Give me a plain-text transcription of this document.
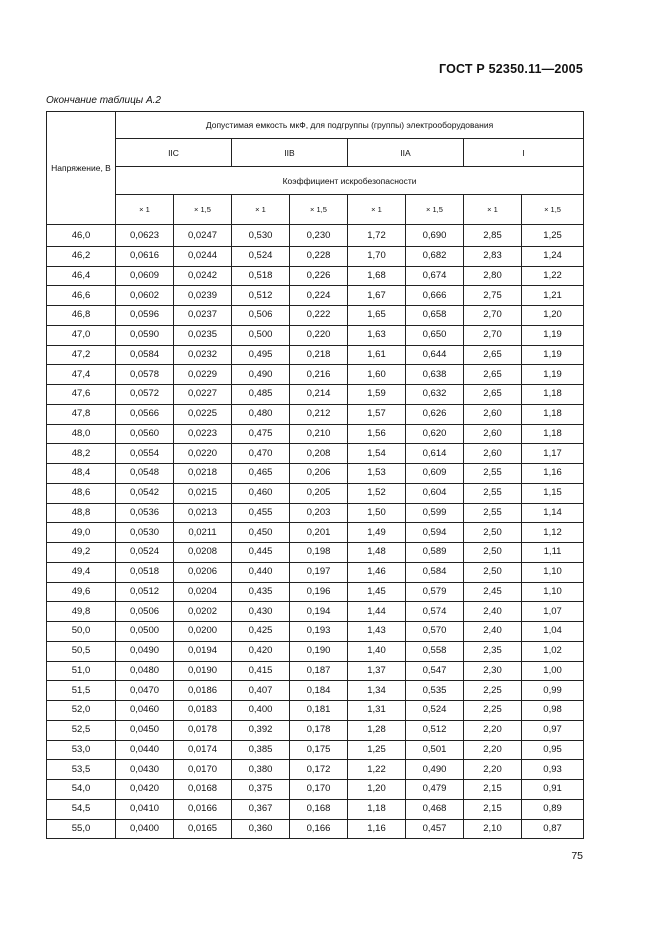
ГОСТ Р 52350.11—2005
Окончание таблицы А.2
Напряжение, В	Допустимая емкость мкФ, для подгруппы (группы) электрооборудования							
	IIC		IIB		IIA		I	
	Коэффициент искробезопасности							
	× 1	× 1,5	× 1	× 1,5	× 1	× 1,5	× 1	× 1,5
46,0	0,0623	0,0247	0,530	0,230	1,72	0,690	2,85	1,25
46,2	0,0616	0,0244	0,524	0,228	1,70	0,682	2,83	1,24
46,4	0,0609	0,0242	0,518	0,226	1,68	0,674	2,80	1,22
46,6	0,0602	0,0239	0,512	0,224	1,67	0,666	2,75	1,21
46,8	0,0596	0,0237	0,506	0,222	1,65	0,658	2,70	1,20
47,0	0,0590	0,0235	0,500	0,220	1,63	0,650	2,70	1,19
47,2	0,0584	0,0232	0,495	0,218	1,61	0,644	2,65	1,19
47,4	0,0578	0,0229	0,490	0,216	1,60	0,638	2,65	1,19
47,6	0,0572	0,0227	0,485	0,214	1,59	0,632	2,65	1,18
47,8	0,0566	0,0225	0,480	0,212	1,57	0,626	2,60	1,18
48,0	0,0560	0,0223	0,475	0,210	1,56	0,620	2,60	1,18
48,2	0,0554	0,0220	0,470	0,208	1,54	0,614	2,60	1,17
48,4	0,0548	0,0218	0,465	0,206	1,53	0,609	2,55	1,16
48,6	0,0542	0,0215	0,460	0,205	1,52	0,604	2,55	1,15
48,8	0,0536	0,0213	0,455	0,203	1,50	0,599	2,55	1,14
49,0	0,0530	0,0211	0,450	0,201	1,49	0,594	2,50	1,12
49,2	0,0524	0,0208	0,445	0,198	1,48	0,589	2,50	1,11
49,4	0,0518	0,0206	0,440	0,197	1,46	0,584	2,50	1,10
49,6	0,0512	0,0204	0,435	0,196	1,45	0,579	2,45	1,10
49,8	0,0506	0,0202	0,430	0,194	1,44	0,574	2,40	1,07
50,0	0,0500	0,0200	0,425	0,193	1,43	0,570	2,40	1,04
50,5	0,0490	0,0194	0,420	0,190	1,40	0,558	2,35	1,02
51,0	0,0480	0,0190	0,415	0,187	1,37	0,547	2,30	1,00
51,5	0,0470	0,0186	0,407	0,184	1,34	0,535	2,25	0,99
52,0	0,0460	0,0183	0,400	0,181	1,31	0,524	2,25	0,98
52,5	0,0450	0,0178	0,392	0,178	1,28	0,512	2,20	0,97
53,0	0,0440	0,0174	0,385	0,175	1,25	0,501	2,20	0,95
53,5	0,0430	0,0170	0,380	0,172	1,22	0,490	2,20	0,93
54,0	0,0420	0,0168	0,375	0,170	1,20	0,479	2,15	0,91
54,5	0,0410	0,0166	0,367	0,168	1,18	0,468	2,15	0,89
55,0	0,0400	0,0165	0,360	0,166	1,16	0,457	2,10	0,87
75
